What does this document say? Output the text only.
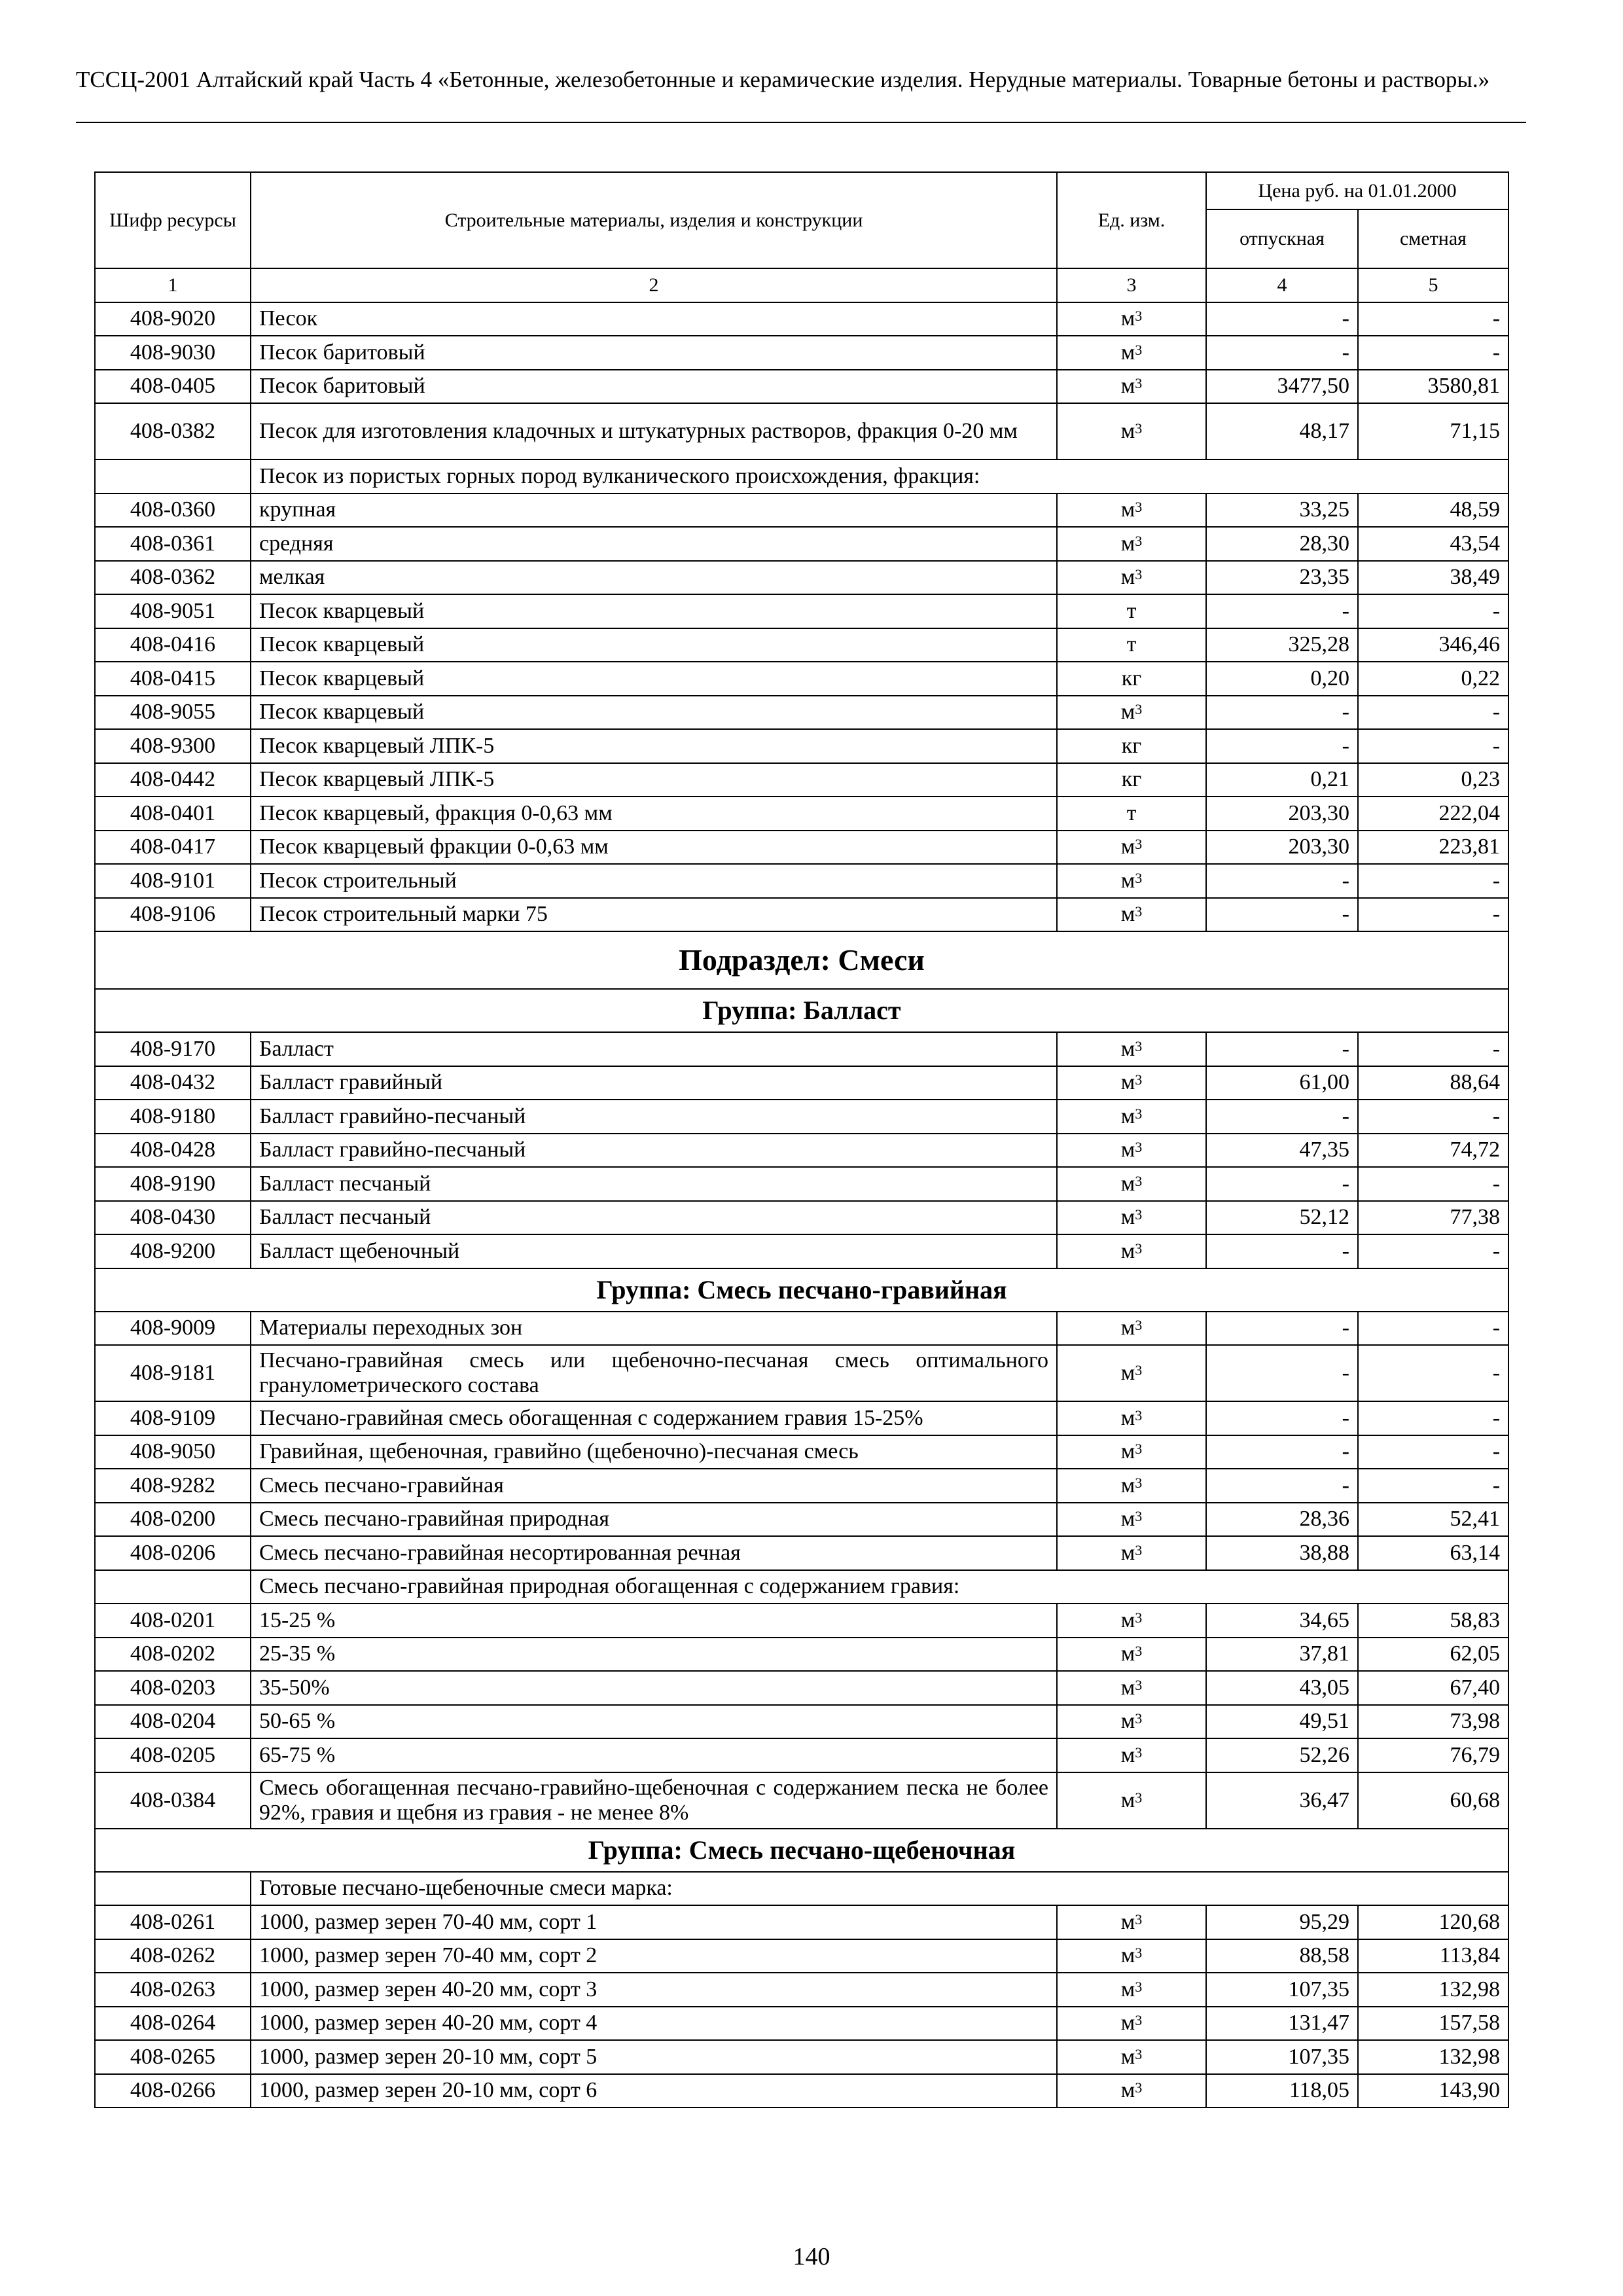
ТССЦ-2001 Алтайский край Часть 4 «Бетонные, железобетонные и керамические изделия. Нерудные материалы. Товарные бетоны и растворы.»
Шифр ресурсы	Строительные материалы, изделия и конструкции	Ед. изм.	Цена руб. на 01.01.2000	
			отпускная	сметная
1	2	3	4	5
408-9020	Песок	$м^3$	-	-
408-9030	Песок баритовый	$м^3$	-	-
408-0405	Песок баритовый	$м^3$	3477,50	3580,81
408-0382	Песок для изготовления кладочных и штукатурных растворов, фракция 0-20 мм	$м^3$	48,17	71,15
	Песок из пористых горных пород вулканического происхождения, фракция:			
408-0360	крупная	$м^3$	33,25	48,59
408-0361	средняя	$м^3$	28,30	43,54
408-0362	мелкая	$м^3$	23,35	38,49
408-9051	Песок кварцевый	т	-	-
408-0416	Песок кварцевый	т	325,28	346,46
408-0415	Песок кварцевый	кг	0,20	0,22
408-9055	Песок кварцевый	$м^3$	-	-
408-9300	Песок кварцевый ЛПК-5	кг	-	-
408-0442	Песок кварцевый ЛПК-5	кг	0,21	0,23
408-0401	Песок кварцевый, фракция 0-0,63 мм	т	203,30	222,04
408-0417	Песок кварцевый фракции 0-0,63 мм	$м^3$	203,30	223,81
408-9101	Песок строительный	$м^3$	-	-
408-9106	Песок строительный марки 75	$м^3$	-	-
Подраздел: Смеси				
Группа: Балласт				
408-9170	Балласт	$м^3$	-	-
408-0432	Балласт гравийный	$м^3$	61,00	88,64
408-9180	Балласт гравийно-песчаный	$м^3$	-	-
408-0428	Балласт гравийно-песчаный	$м^3$	47,35	74,72
408-9190	Балласт песчаный	$м^3$	-	-
408-0430	Балласт песчаный	$м^3$	52,12	77,38
408-9200	Балласт щебеночный	$м^3$	-	-
Группа: Смесь песчано-гравийная				
408-9009	Материалы переходных зон	$м^3$	-	-
408-9181	Песчано-гравийная смесь или щебеночно-песчаная смесь оптимального гранулометрического состава	$м^3$	-	-
408-9109	Песчано-гравийная смесь обогащенная с содержанием гравия 15-25%	$м^3$	-	-
408-9050	Гравийная, щебеночная, гравийно (щебеночно)-песчаная смесь	$м^3$	-	-
408-9282	Смесь песчано-гравийная	$м^3$	-	-
408-0200	Смесь песчано-гравийная природная	$м^3$	28,36	52,41
408-0206	Смесь песчано-гравийная несортированная речная	$м^3$	38,88	63,14
	Смесь песчано-гравийная природная обогащенная с содержанием гравия:			
408-0201	15-25 %	$м^3$	34,65	58,83
408-0202	25-35 %	$м^3$	37,81	62,05
408-0203	35-50%	$м^3$	43,05	67,40
408-0204	50-65 %	$м^3$	49,51	73,98
408-0205	65-75 %	$м^3$	52,26	76,79
408-0384	Смесь обогащенная песчано-гравийно-щебеночная с содержанием песка не более 92%, гравия и щебня из гравия - не менее 8%	$м^3$	36,47	60,68
Группа: Смесь песчано-щебеночная				
	Готовые песчано-щебеночные смеси марка:			
408-0261	1000, размер зерен 70-40 мм, сорт 1	$м^3$	95,29	120,68
408-0262	1000, размер зерен 70-40 мм, сорт 2	$м^3$	88,58	113,84
408-0263	1000, размер зерен 40-20 мм, сорт 3	$м^3$	107,35	132,98
408-0264	1000, размер зерен 40-20 мм, сорт 4	$м^3$	131,47	157,58
408-0265	1000, размер зерен 20-10 мм, сорт 5	$м^3$	107,35	132,98
408-0266	1000, размер зерен 20-10 мм, сорт 6	$м^3$	118,05	143,90
140
